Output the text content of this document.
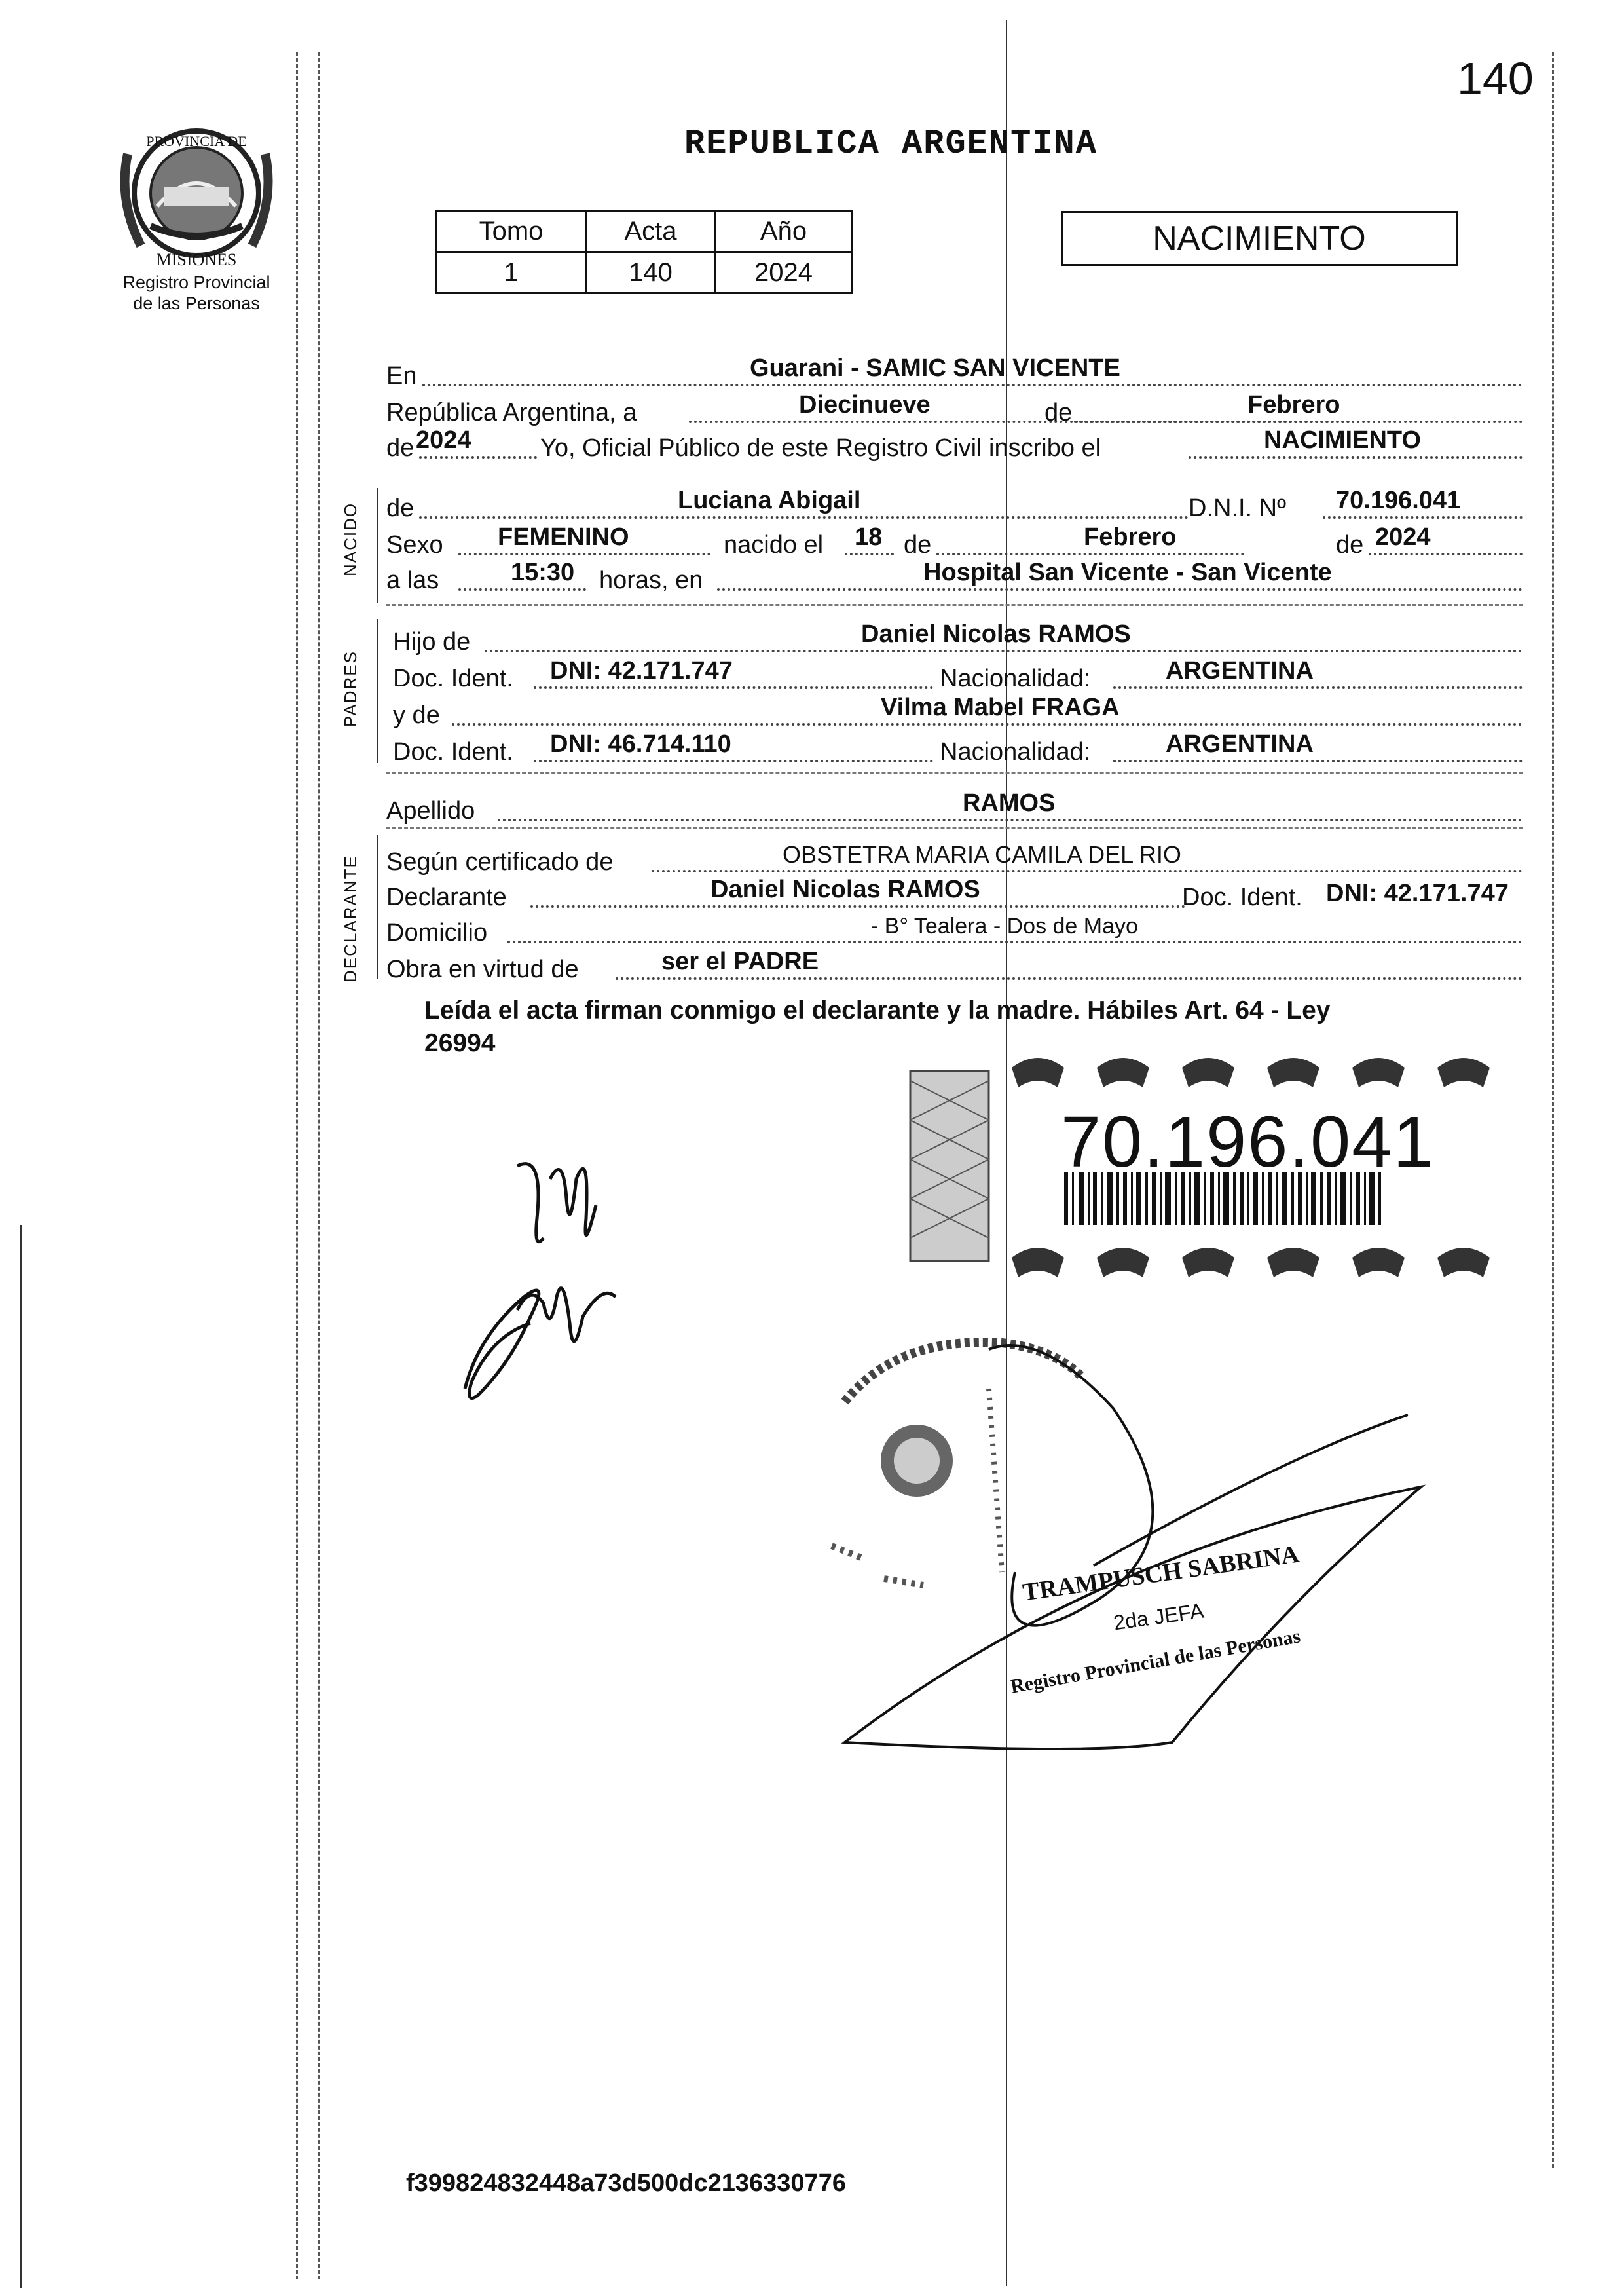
140
PROVINCIA DE
MISIONES
Registro Provincial
de las Personas
REPUBLICA ARGENTINA
Tomo	Acta	Año
1	140	2024
NACIMIENTO
NACIDO
PADRES
DECLARANTE
En	Guarani - SAMIC SAN VICENTE
República Argentina, a	Diecinueve	de	Febrero
de 2024	Yo, Oficial Público de este Registro Civil inscribo el	NACIMIENTO
de	Luciana Abigail	D.N.I. Nº 70.196.041
Sexo FEMENINO	nacido el 18 de	Febrero	de 2024
a las	15:30 horas, en	Hospital San Vicente - San Vicente
Hijo de	Daniel Nicolas RAMOS
Doc. Ident. DNI: 42.171.747	Nacionalidad:	ARGENTINA
y de	Vilma Mabel FRAGA
Doc. Ident. DNI: 46.714.110	Nacionalidad:	ARGENTINA
Apellido	RAMOS
Según certificado de	OBSTETRA MARIA CAMILA DEL RIO
Declarante	Daniel Nicolas RAMOS	Doc. Ident. DNI: 42.171.747
Domicilio	- B° Tealera - Dos de Mayo
Obra en virtud de	ser el PADRE
Leída el acta firman conmigo el declarante y la madre. Hábiles Art. 64 - Ley
26994
70.196.041
TRAMPUSCH SABRINA
2da JEFA
Registro Provincial de las Personas
f399824832448a73d500dc2136330776
